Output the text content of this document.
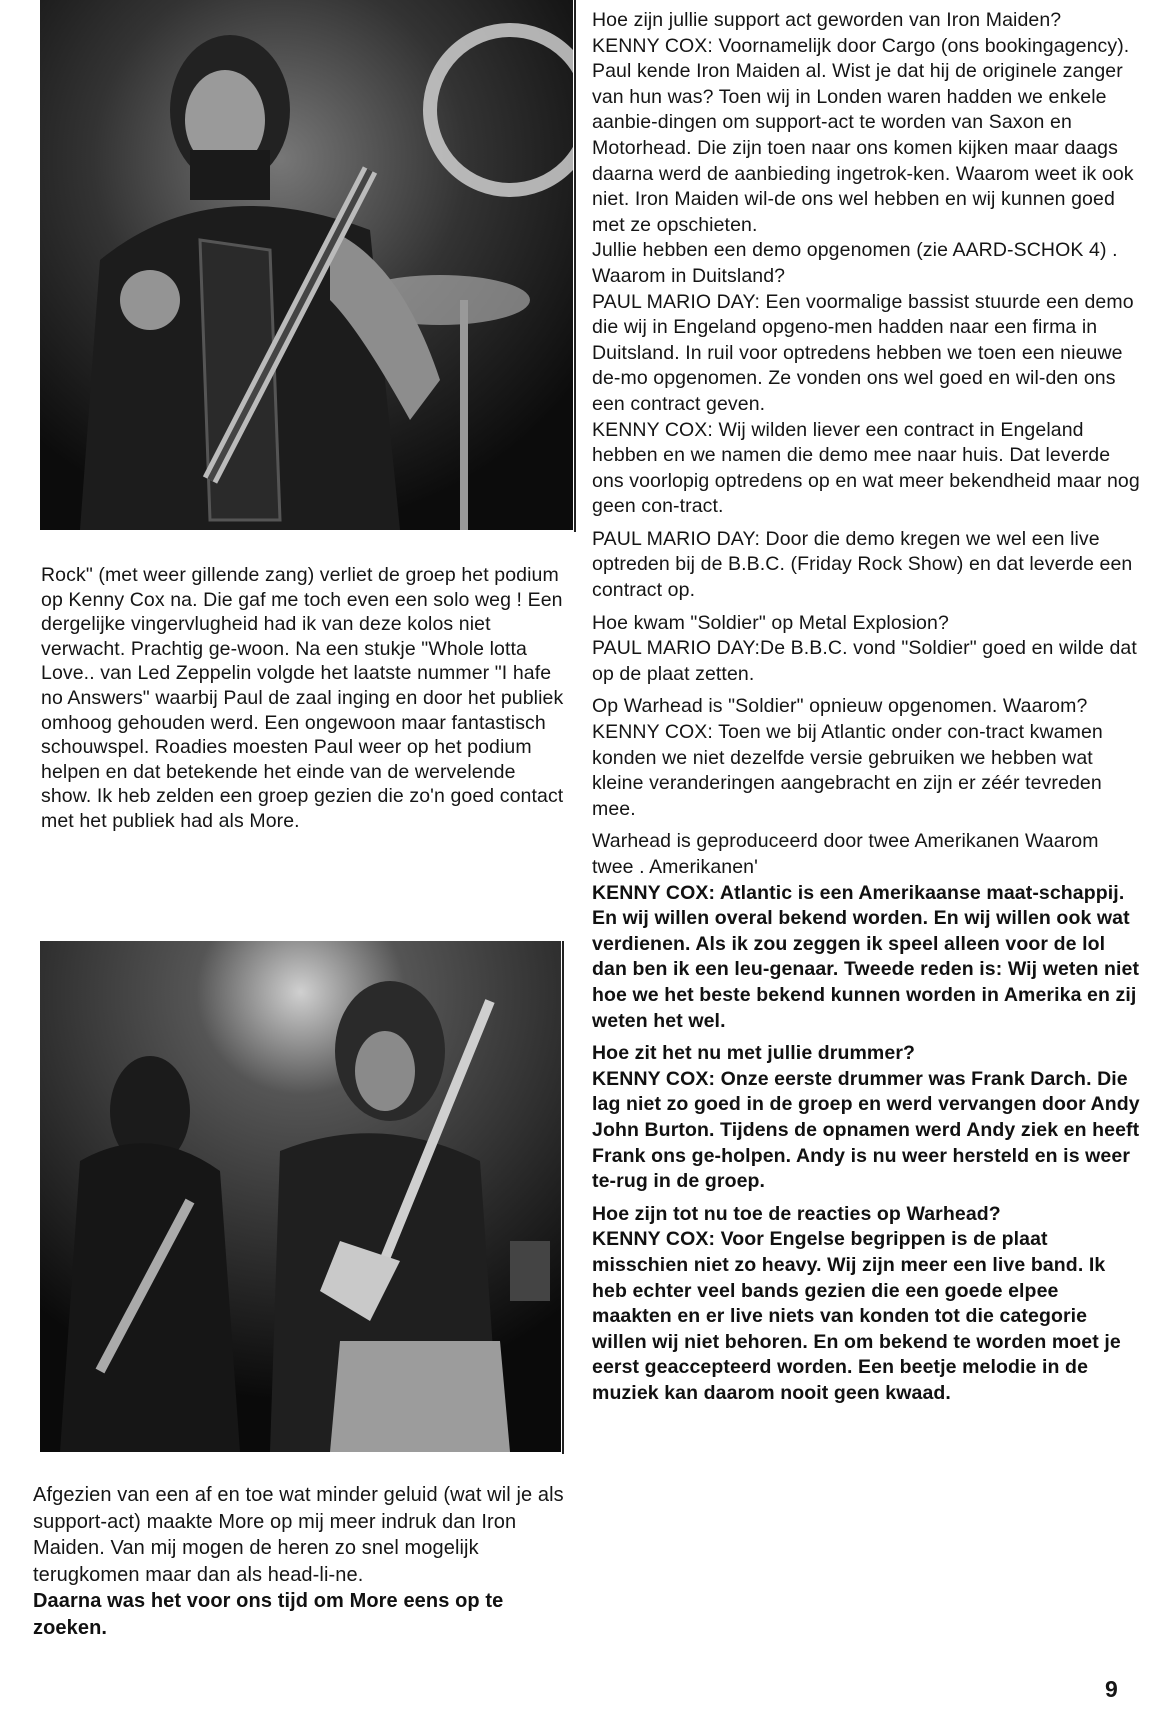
Rock" (met weer gillende zang) verliet de groep het podium op Kenny Cox na. Die gaf me toch even een solo weg ! Een dergelijke vingervlugheid had ik van deze kolos niet verwacht. Prachtig ge-woon. Na een stukje "Whole lotta Love.. van Led Zeppelin volgde het laatste nummer "I hafe no Answers" waarbij Paul de zaal inging en door het publiek omhoog gehouden werd. Een ongewoon maar fantastisch schouwspel. Roadies moesten Paul weer op het podium helpen en dat betekende het einde van de wervelende show. Ik heb zelden een groep gezien die zo'n goed contact met het publiek had als More.

Afgezien van een af en toe wat minder geluid (wat wil je als support-act) maakte More op mij meer indruk dan Iron Maiden. Van mij mogen de heren zo snel mogelijk terugkomen maar dan als head-li-ne.

Daarna was het voor ons tijd om More eens op te zoeken.

Hoe zijn jullie support act geworden van Iron Maiden?

KENNY COX: Voornamelijk door Cargo (ons bookingagency). Paul kende Iron Maiden al. Wist je dat hij de originele zanger van hun was? Toen wij in Londen waren hadden we enkele aanbie-dingen om support-act te worden van Saxon en Motorhead. Die zijn toen naar ons komen kijken maar daags daarna werd de aanbieding ingetrok-ken. Waarom weet ik ook niet. Iron Maiden wil-de ons wel hebben en wij kunnen goed met ze opschieten.

Jullie hebben een demo opgenomen (zie AARD-SCHOK 4) . Waarom in Duitsland?

PAUL MARIO DAY: Een voormalige bassist stuurde een demo die wij in Engeland opgeno-men hadden naar een firma in Duitsland. In ruil voor optredens hebben we toen een nieuwe de-mo opgenomen. Ze vonden ons wel goed en wil-den ons een contract geven.

KENNY COX: Wij wilden liever een contract in Engeland hebben en we namen die demo mee naar huis. Dat leverde ons voorlopig optredens op en wat meer bekendheid maar nog geen con-tract.

PAUL MARIO DAY: Door die demo kregen we wel een live optreden bij de B.B.C. (Friday Rock Show) en dat leverde een contract op.

Hoe kwam "Soldier" op Metal Explosion?

PAUL MARIO DAY:De B.B.C. vond "Soldier" goed en wilde dat op de plaat zetten.

Op Warhead is "Soldier" opnieuw opgenomen. Waarom?

KENNY COX: Toen we bij Atlantic onder con-tract kwamen konden we niet dezelfde versie gebruiken we hebben wat kleine veranderingen aangebracht en zijn er zéér tevreden mee.

Warhead is geproduceerd door twee Amerikanen Waarom twee . Amerikanen'

KENNY COX: Atlantic is een Amerikaanse maat-schappij. En wij willen overal bekend worden. En wij willen ook wat verdienen. Als ik zou zeggen ik speel alleen voor de lol dan ben ik een leu-genaar. Tweede reden is: Wij weten niet hoe we het beste bekend kunnen worden in Amerika en zij weten het wel.

Hoe zit het nu met jullie drummer?

KENNY COX: Onze eerste drummer was Frank Darch. Die lag niet zo goed in de groep en werd vervangen door Andy John Burton. Tijdens de opnamen werd Andy ziek en heeft Frank ons ge-holpen. Andy is nu weer hersteld en is weer te-rug in de groep.

Hoe zijn tot nu toe de reacties op Warhead?

KENNY COX: Voor Engelse begrippen is de plaat misschien niet zo heavy. Wij zijn meer een live band. Ik heb echter veel bands gezien die een goede elpee maakten en er live niets van konden tot die categorie willen wij niet behoren. En om bekend te worden moet je eerst geaccepteerd worden. Een beetje melodie in de muziek kan daarom nooit geen kwaad.

9
